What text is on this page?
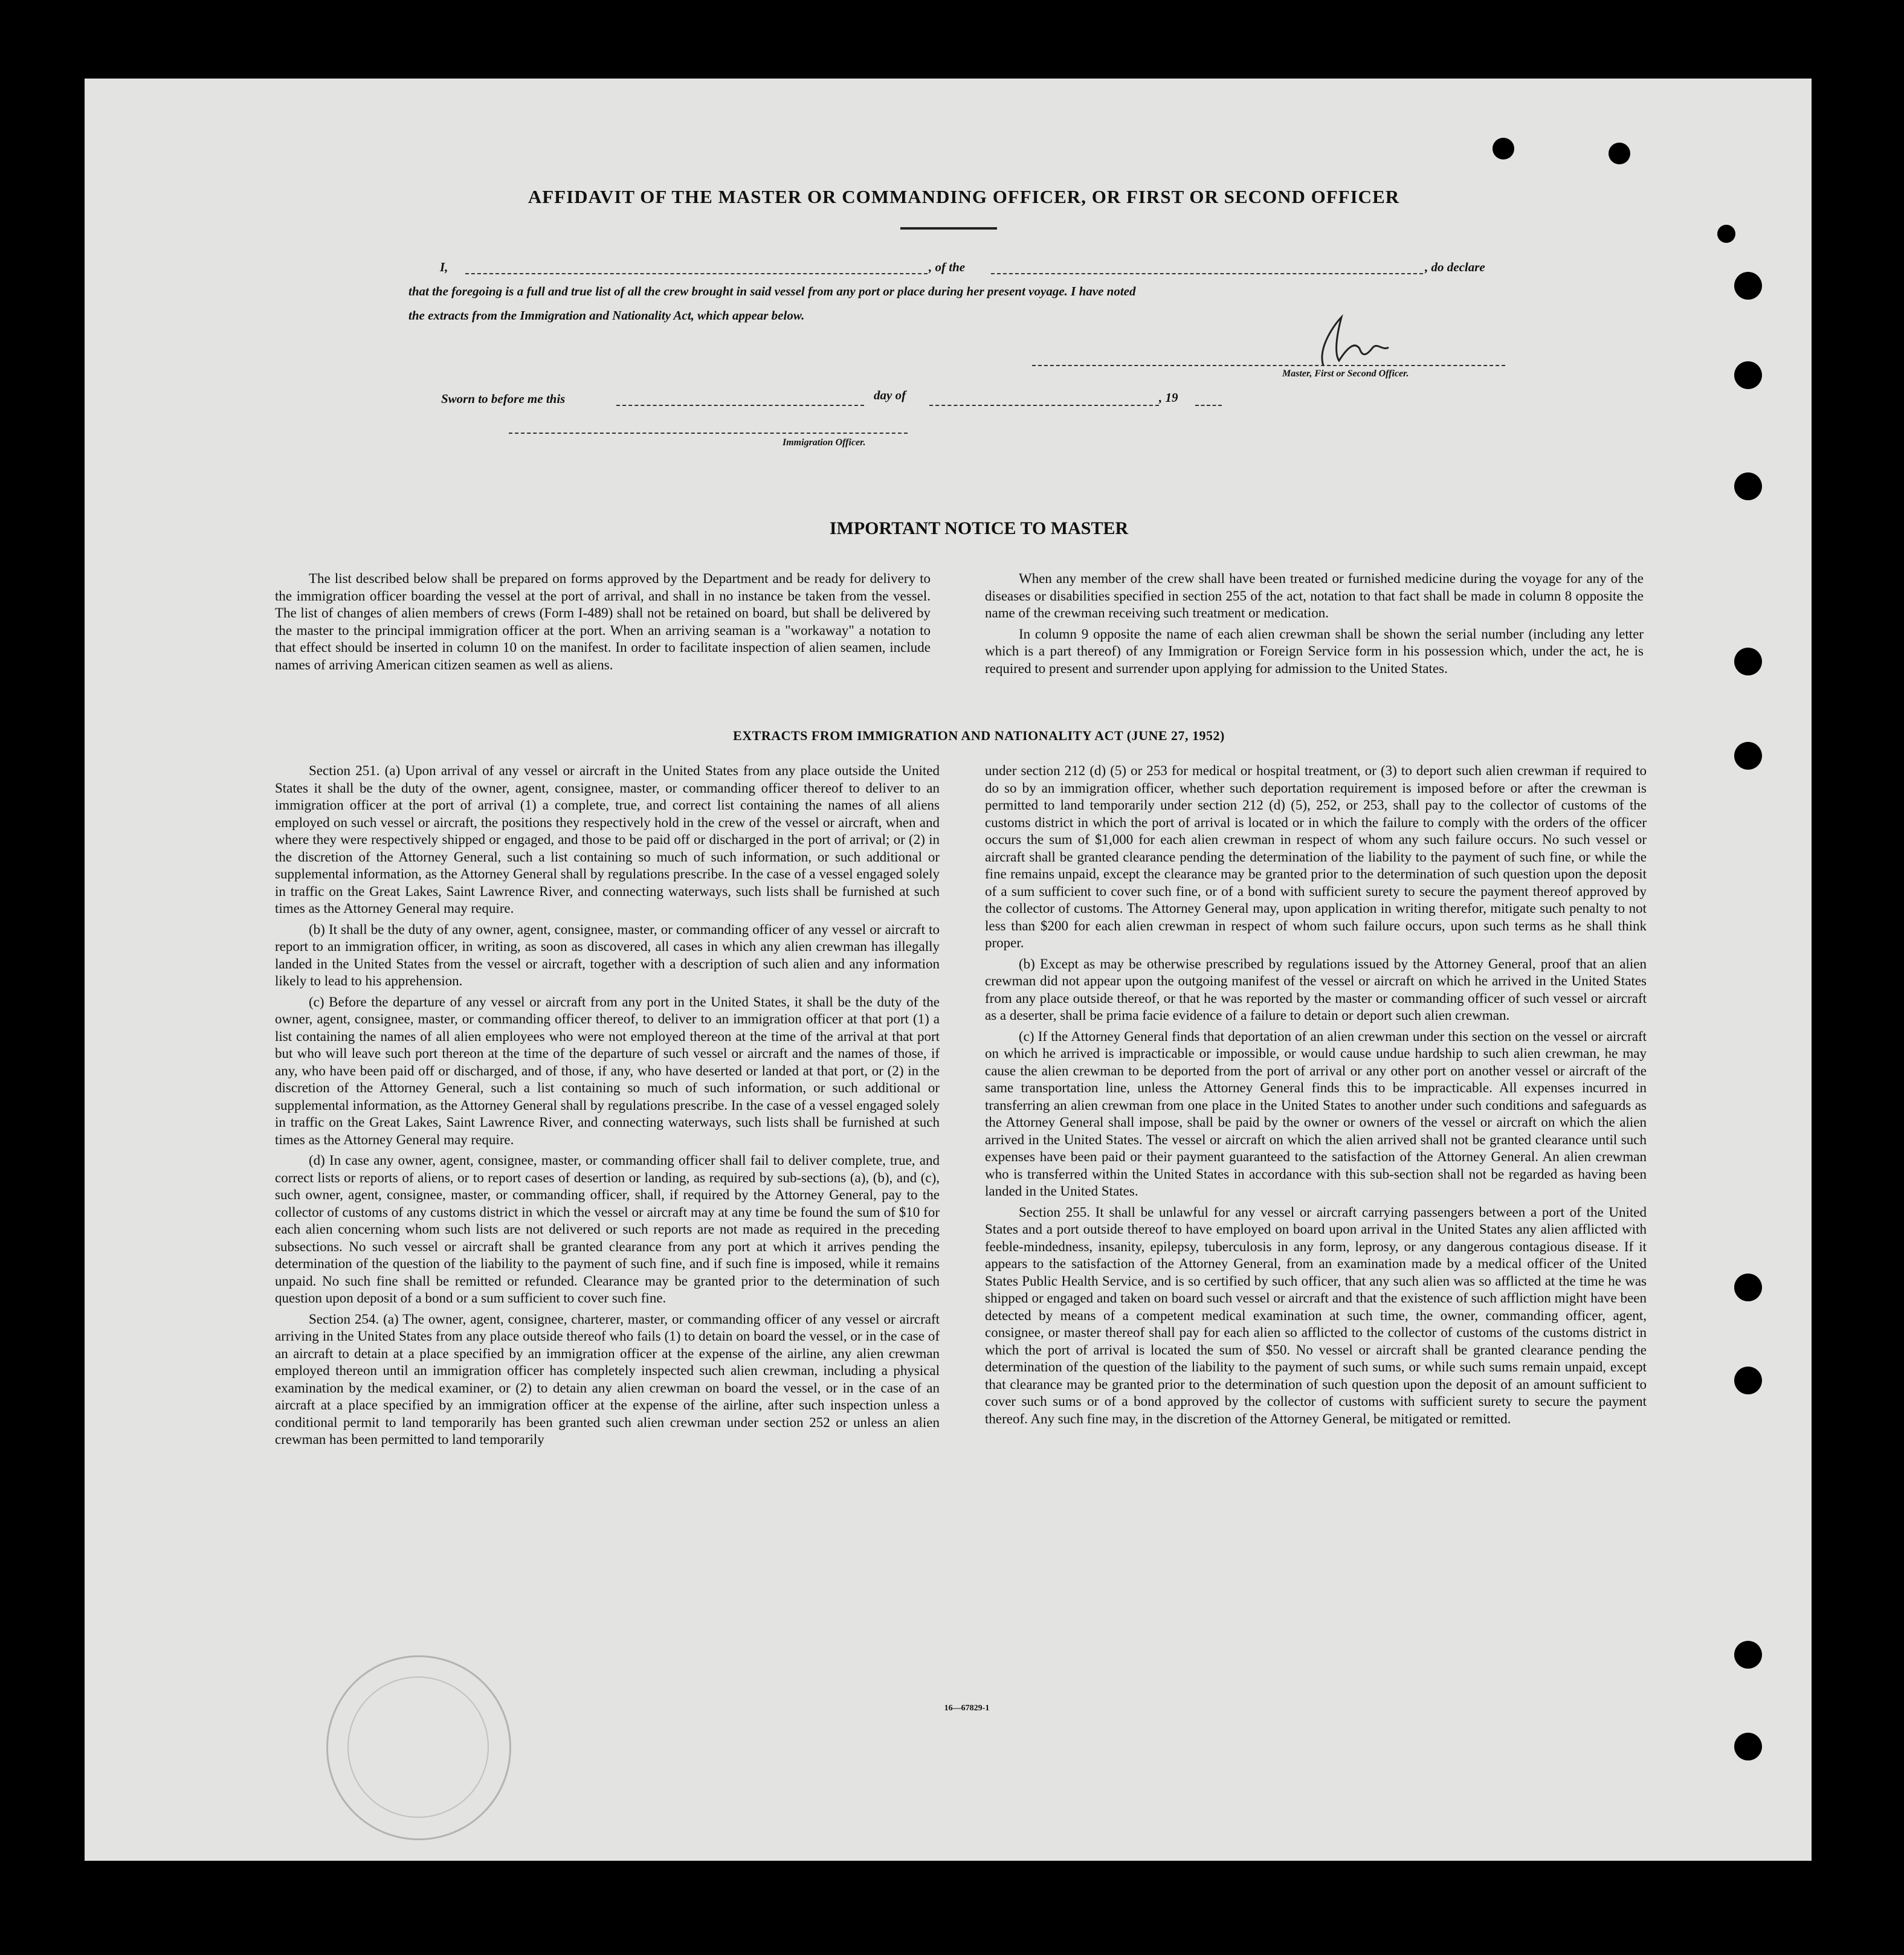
AFFIDAVIT OF THE MASTER OR COMMANDING OFFICER, OR FIRST OR SECOND OFFICER
I,	, of the	, do declare
that the foregoing is a full and true list of all the crew brought in said vessel from any port or place during her present voyage. I have noted
the extracts from the Immigration and Nationality Act, which appear below.
Master, First or Second Officer.
Sworn to before me this	day of	, 19
Immigration Officer.
IMPORTANT NOTICE TO MASTER

The list described below shall be prepared on forms approved by the Department and be ready for delivery to the immigration officer boarding the vessel at the port of arrival, and shall in no instance be taken from the vessel. The list of changes of alien members of crews (Form I-489) shall not be retained on board, but shall be delivered by the master to the principal immigration officer at the port. When an arriving seaman is a "workaway" a notation to that effect should be inserted in column 10 on the manifest. In order to facilitate inspection of alien seamen, include names of arriving American citizen seamen as well as aliens.

When any member of the crew shall have been treated or furnished medicine during the voyage for any of the diseases or disabilities specified in section 255 of the act, notation to that fact shall be made in column 8 opposite the name of the crewman receiving such treatment or medication.

In column 9 opposite the name of each alien crewman shall be shown the serial number (including any letter which is a part thereof) of any Immigration or Foreign Service form in his possession which, under the act, he is required to present and surrender upon applying for admission to the United States.

EXTRACTS FROM IMMIGRATION AND NATIONALITY ACT (JUNE 27, 1952)

Section 251. (a) Upon arrival of any vessel or aircraft in the United States from any place outside the United States it shall be the duty of the owner, agent, consignee, master, or commanding officer thereof to deliver to an immigration officer at the port of arrival (1) a complete, true, and correct list containing the names of all aliens employed on such vessel or aircraft, the positions they respectively hold in the crew of the vessel or aircraft, when and where they were respectively shipped or engaged, and those to be paid off or discharged in the port of arrival; or (2) in the discretion of the Attorney General, such a list containing so much of such information, or such additional or supplemental information, as the Attorney General shall by regulations prescribe. In the case of a vessel engaged solely in traffic on the Great Lakes, Saint Lawrence River, and connecting waterways, such lists shall be furnished at such times as the Attorney General may require.

(b) It shall be the duty of any owner, agent, consignee, master, or commanding officer of any vessel or aircraft to report to an immigration officer, in writing, as soon as discovered, all cases in which any alien crewman has illegally landed in the United States from the vessel or aircraft, together with a description of such alien and any information likely to lead to his apprehension.

(c) Before the departure of any vessel or aircraft from any port in the United States, it shall be the duty of the owner, agent, consignee, master, or commanding officer thereof, to deliver to an immigration officer at that port (1) a list containing the names of all alien employees who were not employed thereon at the time of the arrival at that port but who will leave such port thereon at the time of the departure of such vessel or aircraft and the names of those, if any, who have been paid off or discharged, and of those, if any, who have deserted or landed at that port, or (2) in the discretion of the Attorney General, such a list containing so much of such information, or such additional or supplemental information, as the Attorney General shall by regulations prescribe. In the case of a vessel engaged solely in traffic on the Great Lakes, Saint Lawrence River, and connecting waterways, such lists shall be furnished at such times as the Attorney General may require.

(d) In case any owner, agent, consignee, master, or commanding officer shall fail to deliver complete, true, and correct lists or reports of aliens, or to report cases of desertion or landing, as required by sub-sections (a), (b), and (c), such owner, agent, consignee, master, or commanding officer, shall, if required by the Attorney General, pay to the collector of customs of any customs district in which the vessel or aircraft may at any time be found the sum of $10 for each alien concerning whom such lists are not delivered or such reports are not made as required in the preceding subsections. No such vessel or aircraft shall be granted clearance from any port at which it arrives pending the determination of the question of the liability to the payment of such fine, and if such fine is imposed, while it remains unpaid. No such fine shall be remitted or refunded. Clearance may be granted prior to the determination of such question upon deposit of a bond or a sum sufficient to cover such fine.

Section 254. (a) The owner, agent, consignee, charterer, master, or commanding officer of any vessel or aircraft arriving in the United States from any place outside thereof who fails (1) to detain on board the vessel, or in the case of an aircraft to detain at a place specified by an immigration officer at the expense of the airline, any alien crewman employed thereon until an immigration officer has completely inspected such alien crewman, including a physical examination by the medical examiner, or (2) to detain any alien crewman on board the vessel, or in the case of an aircraft at a place specified by an immigration officer at the expense of the airline, after such inspection unless a conditional permit to land temporarily has been granted such alien crewman under section 252 or unless an alien crewman has been permitted to land temporarily

under section 212 (d) (5) or 253 for medical or hospital treatment, or (3) to deport such alien crewman if required to do so by an immigration officer, whether such deportation requirement is imposed before or after the crewman is permitted to land temporarily under section 212 (d) (5), 252, or 253, shall pay to the collector of customs of the customs district in which the port of arrival is located or in which the failure to comply with the orders of the officer occurs the sum of $1,000 for each alien crewman in respect of whom any such failure occurs. No such vessel or aircraft shall be granted clearance pending the determination of the liability to the payment of such fine, or while the fine remains unpaid, except the clearance may be granted prior to the determination of such question upon the deposit of a sum sufficient to cover such fine, or of a bond with sufficient surety to secure the payment thereof approved by the collector of customs. The Attorney General may, upon application in writing therefor, mitigate such penalty to not less than $200 for each alien crewman in respect of whom such failure occurs, upon such terms as he shall think proper.

(b) Except as may be otherwise prescribed by regulations issued by the Attorney General, proof that an alien crewman did not appear upon the outgoing manifest of the vessel or aircraft on which he arrived in the United States from any place outside thereof, or that he was reported by the master or commanding officer of such vessel or aircraft as a deserter, shall be prima facie evidence of a failure to detain or deport such alien crewman.

(c) If the Attorney General finds that deportation of an alien crewman under this section on the vessel or aircraft on which he arrived is impracticable or impossible, or would cause undue hardship to such alien crewman, he may cause the alien crewman to be deported from the port of arrival or any other port on another vessel or aircraft of the same transportation line, unless the Attorney General finds this to be impracticable. All expenses incurred in transferring an alien crewman from one place in the United States to another under such conditions and safeguards as the Attorney General shall impose, shall be paid by the owner or owners of the vessel or aircraft on which the alien arrived in the United States. The vessel or aircraft on which the alien arrived shall not be granted clearance until such expenses have been paid or their payment guaranteed to the satisfaction of the Attorney General. An alien crewman who is transferred within the United States in accordance with this sub-section shall not be regarded as having been landed in the United States.

Section 255. It shall be unlawful for any vessel or aircraft carrying passengers between a port of the United States and a port outside thereof to have employed on board upon arrival in the United States any alien afflicted with feeble-mindedness, insanity, epilepsy, tuberculosis in any form, leprosy, or any dangerous contagious disease. If it appears to the satisfaction of the Attorney General, from an examination made by a medical officer of the United States Public Health Service, and is so certified by such officer, that any such alien was so afflicted at the time he was shipped or engaged and taken on board such vessel or aircraft and that the existence of such affliction might have been detected by means of a competent medical examination at such time, the owner, commanding officer, agent, consignee, or master thereof shall pay for each alien so afflicted to the collector of customs of the customs district in which the port of arrival is located the sum of $50. No vessel or aircraft shall be granted clearance pending the determination of the question of the liability to the payment of such sums, or while such sums remain unpaid, except that clearance may be granted prior to the determination of such question upon the deposit of an amount sufficient to cover such sums or of a bond approved by the collector of customs with sufficient surety to secure the payment thereof. Any such fine may, in the discretion of the Attorney General, be mitigated or remitted.

16—67829-1
